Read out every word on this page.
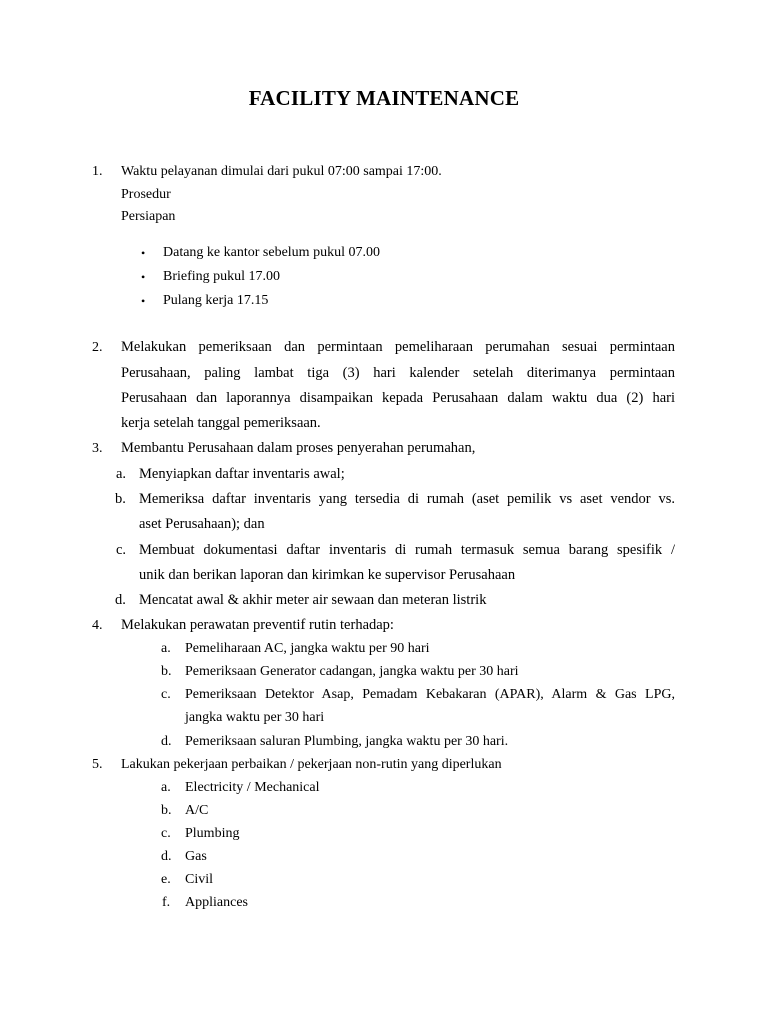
FACILITY MAINTENANCE
1. Waktu pelayanan dimulai dari pukul 07:00 sampai 17:00.
Prosedur
Persiapan
• Datang ke kantor sebelum pukul 07.00
• Briefing pukul 17.00
• Pulang kerja 17.15
2. Melakukan pemeriksaan dan permintaan pemeliharaan perumahan sesuai permintaan
Perusahaan, paling lambat tiga (3) hari kalender setelah diterimanya permintaan
Perusahaan dan laporannya disampaikan kepada Perusahaan dalam waktu dua (2) hari
kerja setelah tanggal pemeriksaan.
3. Membantu Perusahaan dalam proses penyerahan perumahan,
a. Menyiapkan daftar inventaris awal;
b. Memeriksa daftar inventaris yang tersedia di rumah (aset pemilik vs aset vendor vs.
aset Perusahaan); dan
c. Membuat dokumentasi daftar inventaris di rumah termasuk semua barang spesifik /
unik dan berikan laporan dan kirimkan ke supervisor Perusahaan
d. Mencatat awal & akhir meter air sewaan dan meteran listrik
4. Melakukan perawatan preventif rutin terhadap:
a. Pemeliharaan AC, jangka waktu per 90 hari
b. Pemeriksaan Generator cadangan, jangka waktu per 30 hari
c. Pemeriksaan Detektor Asap, Pemadam Kebakaran (APAR), Alarm & Gas LPG,
jangka waktu per 30 hari
d. Pemeriksaan saluran Plumbing, jangka waktu per 30 hari.
5. Lakukan pekerjaan perbaikan / pekerjaan non-rutin yang diperlukan
a. Electricity / Mechanical
b. A/C
c. Plumbing
d. Gas
e. Civil
f. Appliances
